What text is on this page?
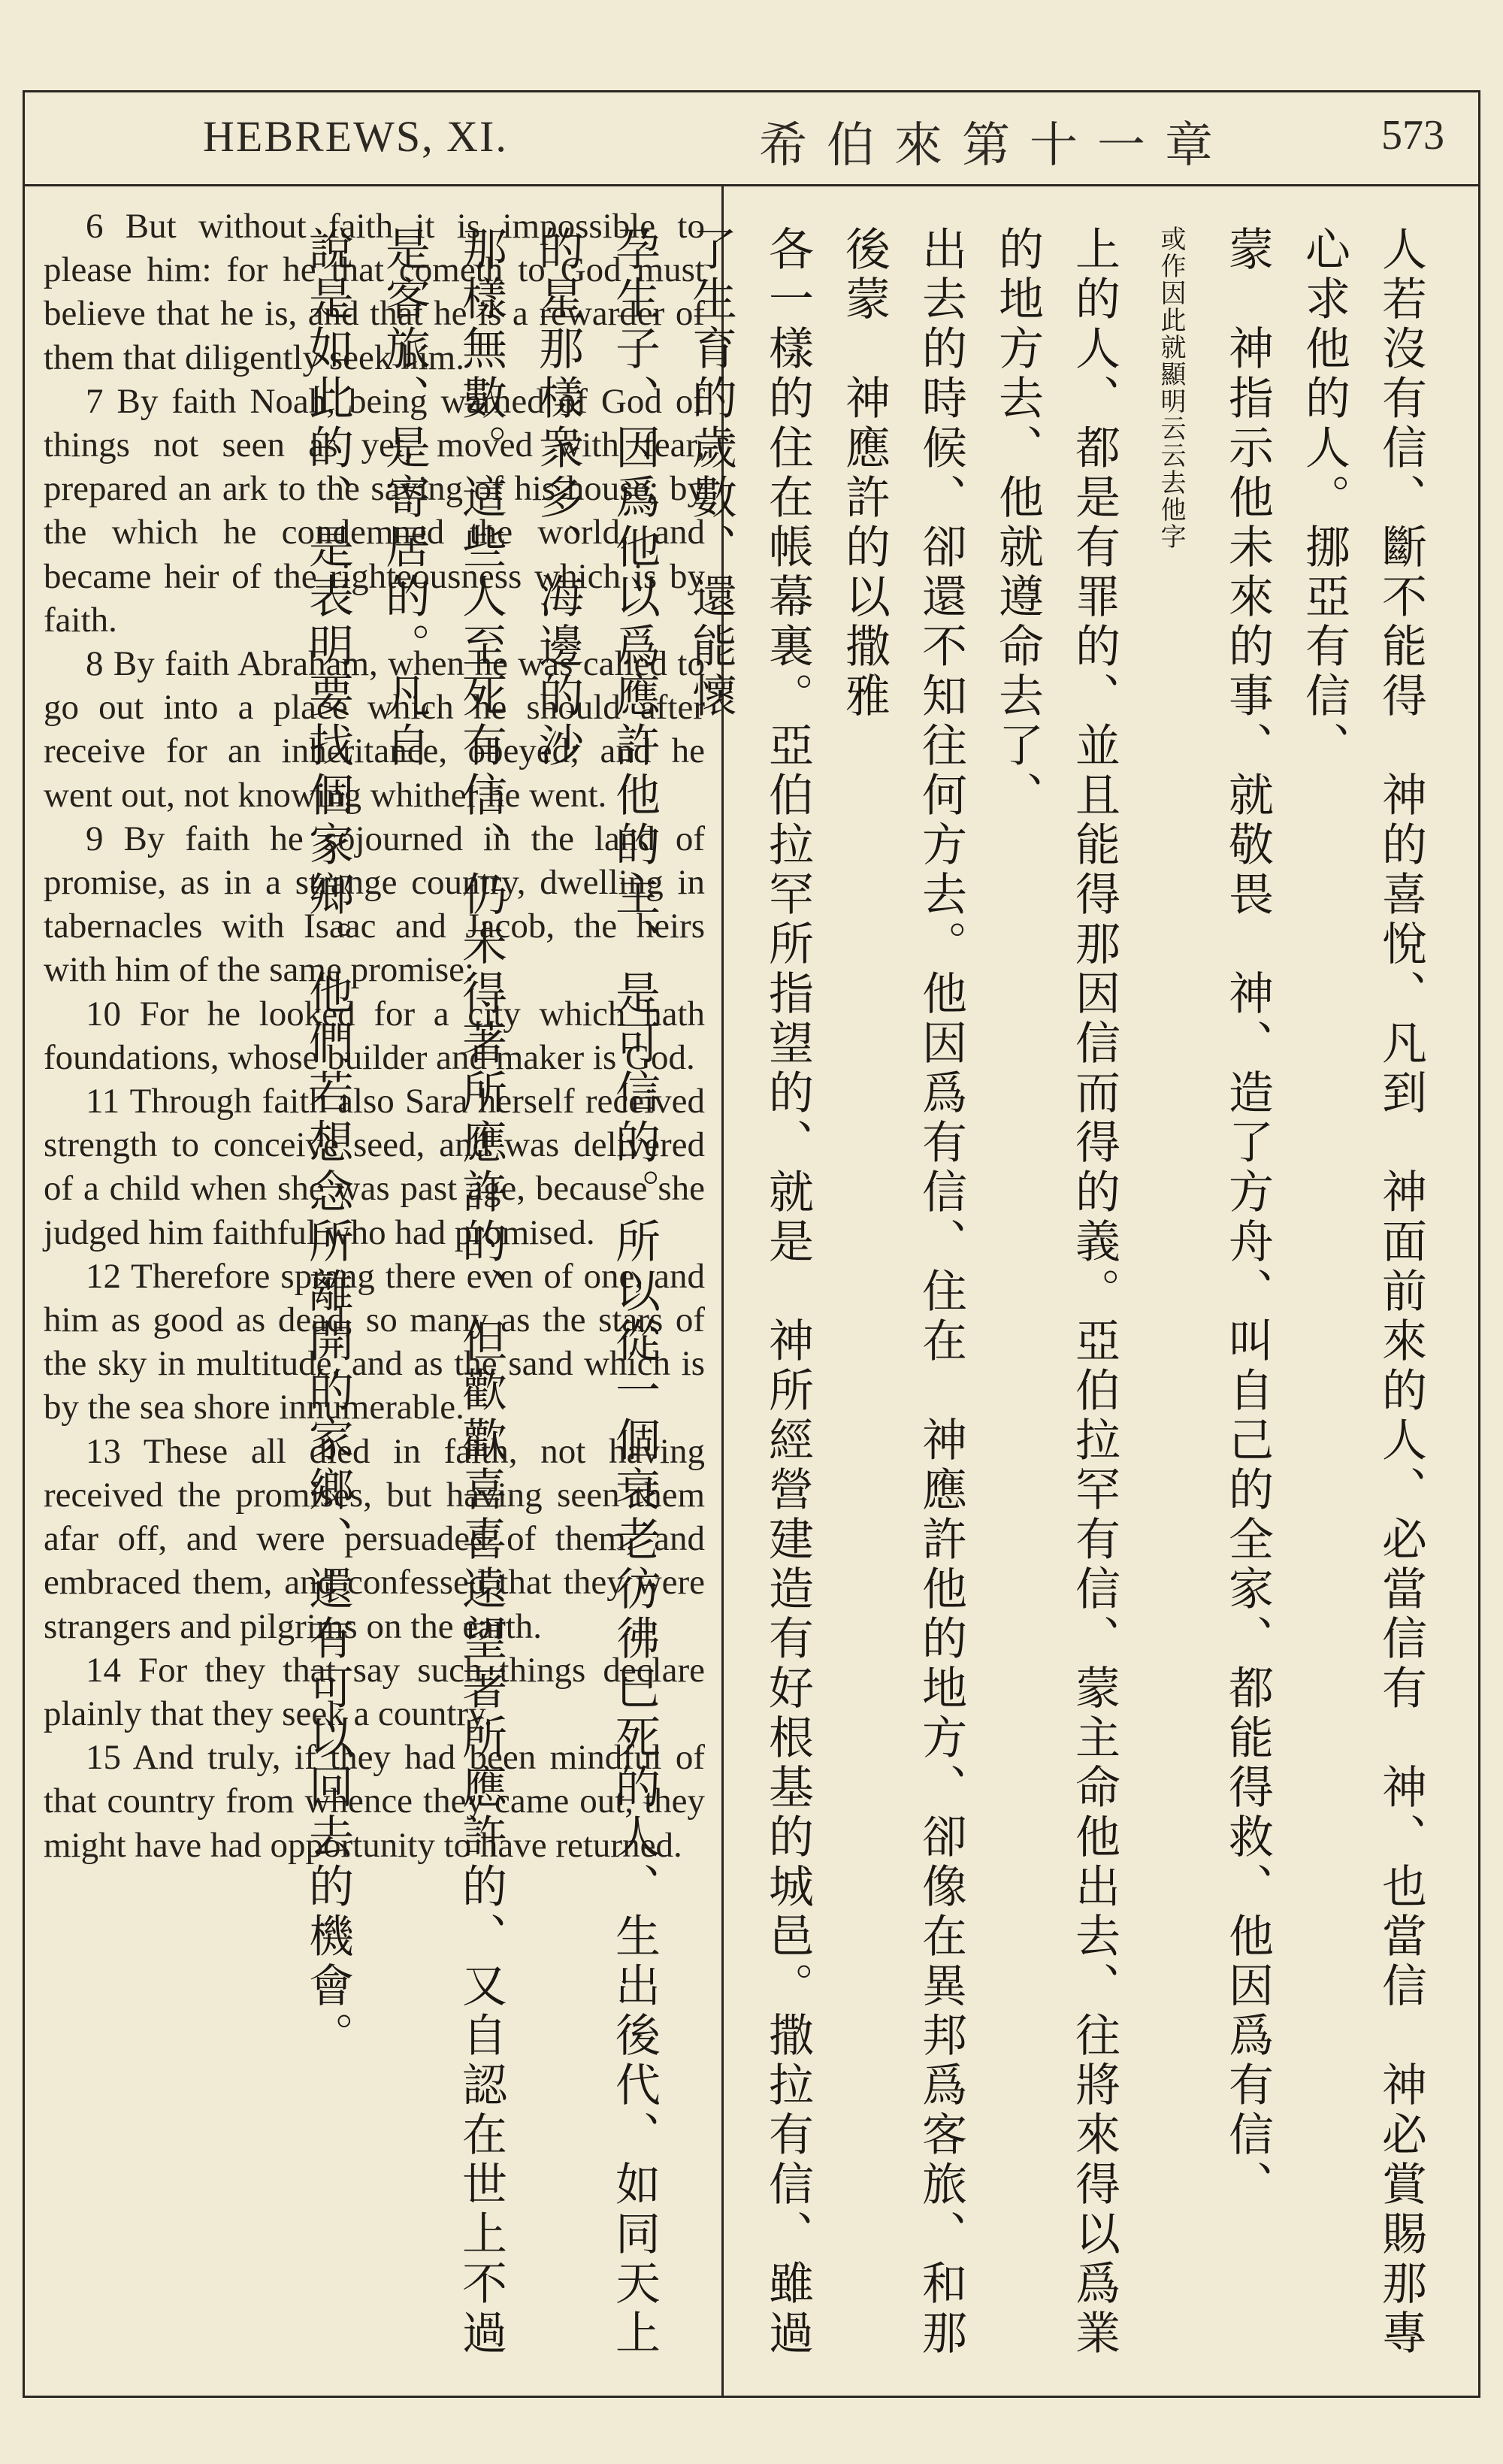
HEBREWS, XI.	希伯來第十一章	573

6 But without faith it is impossible to please him: for he that cometh to God must believe that he is, and that he is a rewarder of them that diligently seek him.

7 By faith Noah, being warned of God of things not seen as yet, moved with fear, prepared an ark to the saving of his house; by the which he condemned the world, and became heir of the righteousness which is by faith.

8 By faith Abraham, when he was called to go out into a place which he should after receive for an inheritance, obeyed; and he went out, not knowing whither he went.

9 By faith he sojourned in the land of promise, as in a strange country, dwelling in tabernacles with Isaac and Jacob, the heirs with him of the same promise:

10 For he looked for a city which hath foundations, whose builder and maker is God.

11 Through faith also Sara herself received strength to conceive seed, and was delivered of a child when she was past age, because she judged him faithful who had promised.

12 Therefore sprang there even of one, and him as good as dead, so many as the stars of the sky in multitude, and as the sand which is by the sea shore innumerable.

13 These all died in faith, not having received the promises, but having seen them afar off, and were persuaded of them, and embraced them, and confessed that they were strangers and pilgrims on the earth.

14 For they that say such things declare plainly that they seek a country.

15 And truly, if they had been mindful of that country from whence they came out, they might have had opportunity to have returned.	人若沒有信、斷不能得　神的喜悅、凡到　神面前來的人、必當信有　神、也當信　神必賞賜那專心求他的人。挪亞有信、
蒙　神指示他未來的事、就敬畏　神、造了方舟、叫自己的全家、都能得救、他因爲有信、
或作因此就顯明云云去他字
上的人、都是有罪的、並且能得那因信而得的義。亞伯拉罕有信、蒙主命他出去、往將來得以爲業的地方去、他就遵命去了、
出去的時候、卻還不知往何方去。他因爲有信、住在　神應許他的地方、卻像在異邦爲客旅、和那後蒙　神應許的以撒雅
各一樣的住在帳幕裏。亞伯拉罕所指望的、就是　神所經營建造有好根基的城邑。撒拉有信、雖過了生育的歲數、還能懷
孕生子、因爲他以爲應許他的主、是可信的。所以從一個衰老彷彿已死的人、生出後代、如同天上的星那樣衆多、海邊的沙
那樣無數。這些人至死有信、仍未得著所應許的、但歡歡喜喜遠望著所應許的、又自認在世上不過是客旅、是寄居的。凡自
說是如此的、是表明要找個家鄉。他們若想念所離開的家鄉、還有可以回去的機會。
